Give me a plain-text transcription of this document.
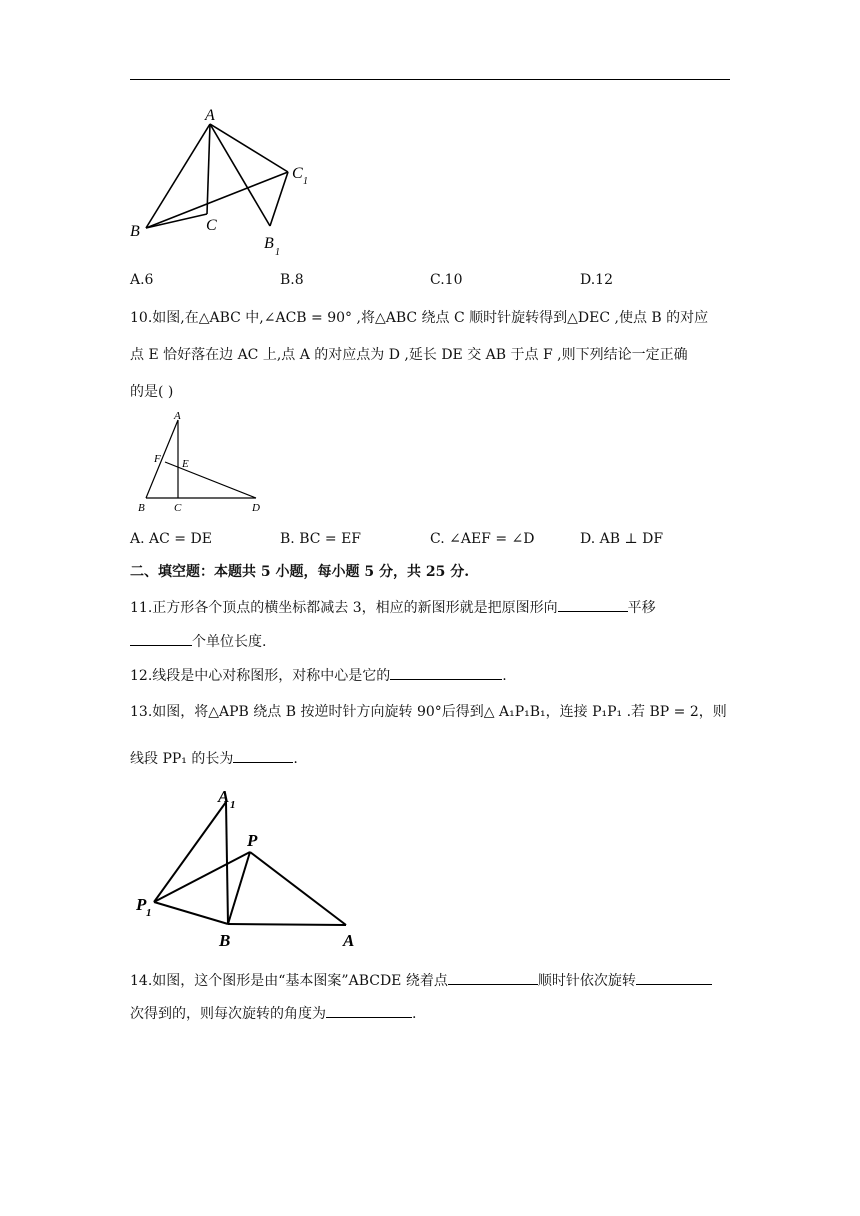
A
B	C
C 1
B
1
A.6	B.8	C.10	D.12
10.如图,在△ABC 中,∠ACB = 90° ,将△ABC 绕点 C 顺时针旋转得到△DEC ,使点 B 的对应
点 E 恰好落在边 AC 上,点 A 的对应点为 D ,延长 DE 交 AB 于点 F ,则下列结论一定正确
的是( )
A
F E
B	C	D
A. AC = DE	B. BC = EF	C. ∠AEF = ∠D	D. AB ⊥ DF
二、填空题：本题共 5 小题，每小题 5 分，共 25 分.
11.正方形各个顶点的横坐标都减去 3，相应的新图形就是把原图形向	平移
个单位长度.
12.线段是中心对称图形，对称中心是它的	.
13.如图，将△APB 绕点 B 按逆时针方向旋转 90°后得到△ A₁P₁B₁，连接 P₁P₁ .若 BP = 2，则
线段 PP₁ 的长为	.
A 1
P
P 1
B	A
14.如图，这个图形是由“基本图案”ABCDE 绕着点	顺时针依次旋转
次得到的，则每次旋转的角度为	.
